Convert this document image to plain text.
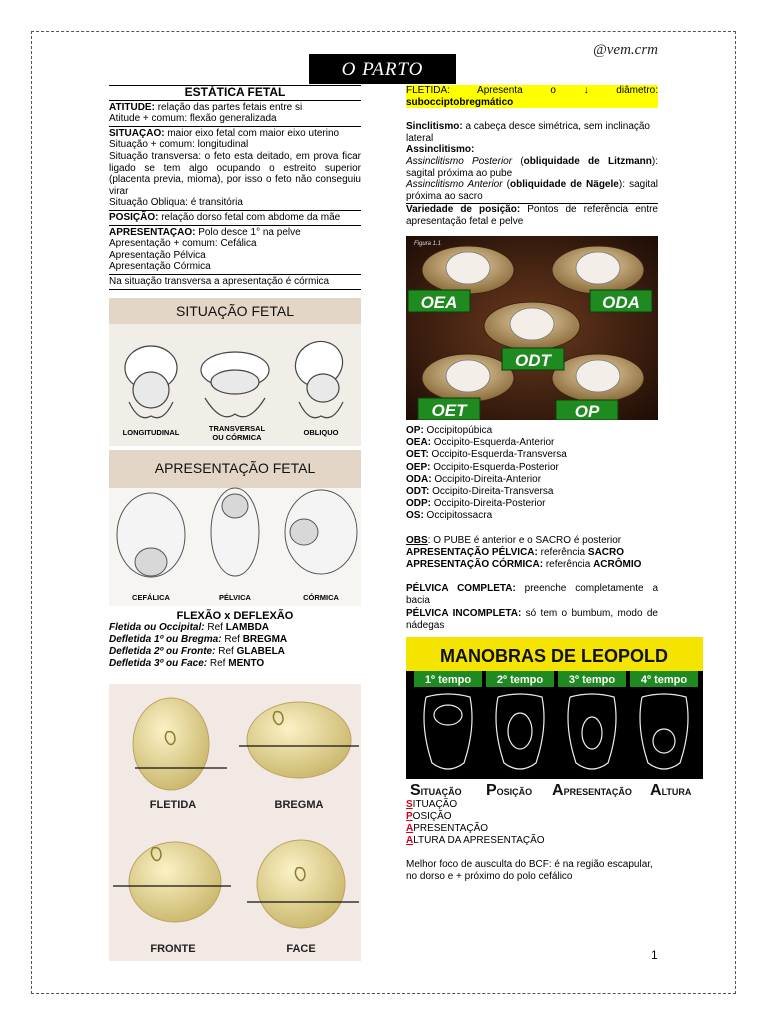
@vem.crm
O PARTO
ESTÁTICA FETAL
ATITUDE: relação das partes fetais entre si
Atitude + comum: flexão generalizada
SITUAÇAO: maior eixo fetal com maior eixo uterino
Situação + comum: longitudinal
Situação transversa: o feto esta deitado, em prova ficar ligado se tem algo ocupando o estreito superior (placenta previa, mioma), por isso o feto não conseguiu virar
Situação Obliqua: é transitória
POSIÇÃO: relação dorso fetal com abdome da mãe
APRESENTAÇAO: Polo desce 1° na pelve
Apresentação + comum: Cefálica
Apresentação Pélvica
Apresentação Córmica
Na situação transversa a apresentação é córmica
SITUAÇÃO FETAL
LONGITUDINAL	TRANSVERSAL OU CÓRMICA
OBLIQUO
APRESENTAÇÃO FETAL
CEFÁLICA	PÉLVICA	CÓRMICA
FLEXÃO x DEFLEXÃO
Fletida ou Occipital: Ref LAMBDA
Defletida 1º ou Bregma: Ref BREGMA
Defletida 2º ou Fronte: Ref GLABELA
Defletida 3º ou Face: Ref MENTO
FLETIDA	BREGMA
FRONTE	FACE
FLETIDA: Apresenta o ↓ diâmetro:
subocciptobregmático
Sinclitismo: a cabeça desce simétrica, sem inclinação lateral
Assinclitismo:
Assinclitismo Posterior (obliquidade de Litzmann): sagital próxima ao pube
Assinclitismo Anterior (obliquidade de Nägele): sagital próxima ao sacro
Variedade de posição: Pontos de referência entre apresentação fetal e pelve
Figura 1.1
OEA	ODA
ODT
OET	OP
OP: Occipitopúbica
OEA: Occipito-Esquerda-Anterior
OET: Occipito-Esquerda-Transversa
OEP: Occipito-Esquerda-Posterior
ODA: Occipito-Direita-Anterior
ODT: Occipito-Direita-Transversa
ODP: Occipito-Direita-Posterior
OS: Occipitossacra
OBS: O PUBE é anterior e o SACRO é posterior
APRESENTAÇÃO PÉLVICA: referência SACRO
APRESENTAÇÃO CÓRMICA: referência ACRÔMIO
PÉLVICA COMPLETA: preenche completamente a bacia
PÉLVICA INCOMPLETA: só tem o bumbum, modo de nádegas
MANOBRAS DE LEOPOLD
1º tempo 2º tempo 3º tempo 4º tempo
SITUAÇÃO POSIÇÃO APRESENTAÇÃO ALTURA
SITUAÇÃO
POSIÇÃO
APRESENTAÇÃO
ALTURA DA APRESENTAÇÃO
Melhor foco de ausculta do BCF: é na região escapular, no dorso e + próximo do polo cefálico
1
